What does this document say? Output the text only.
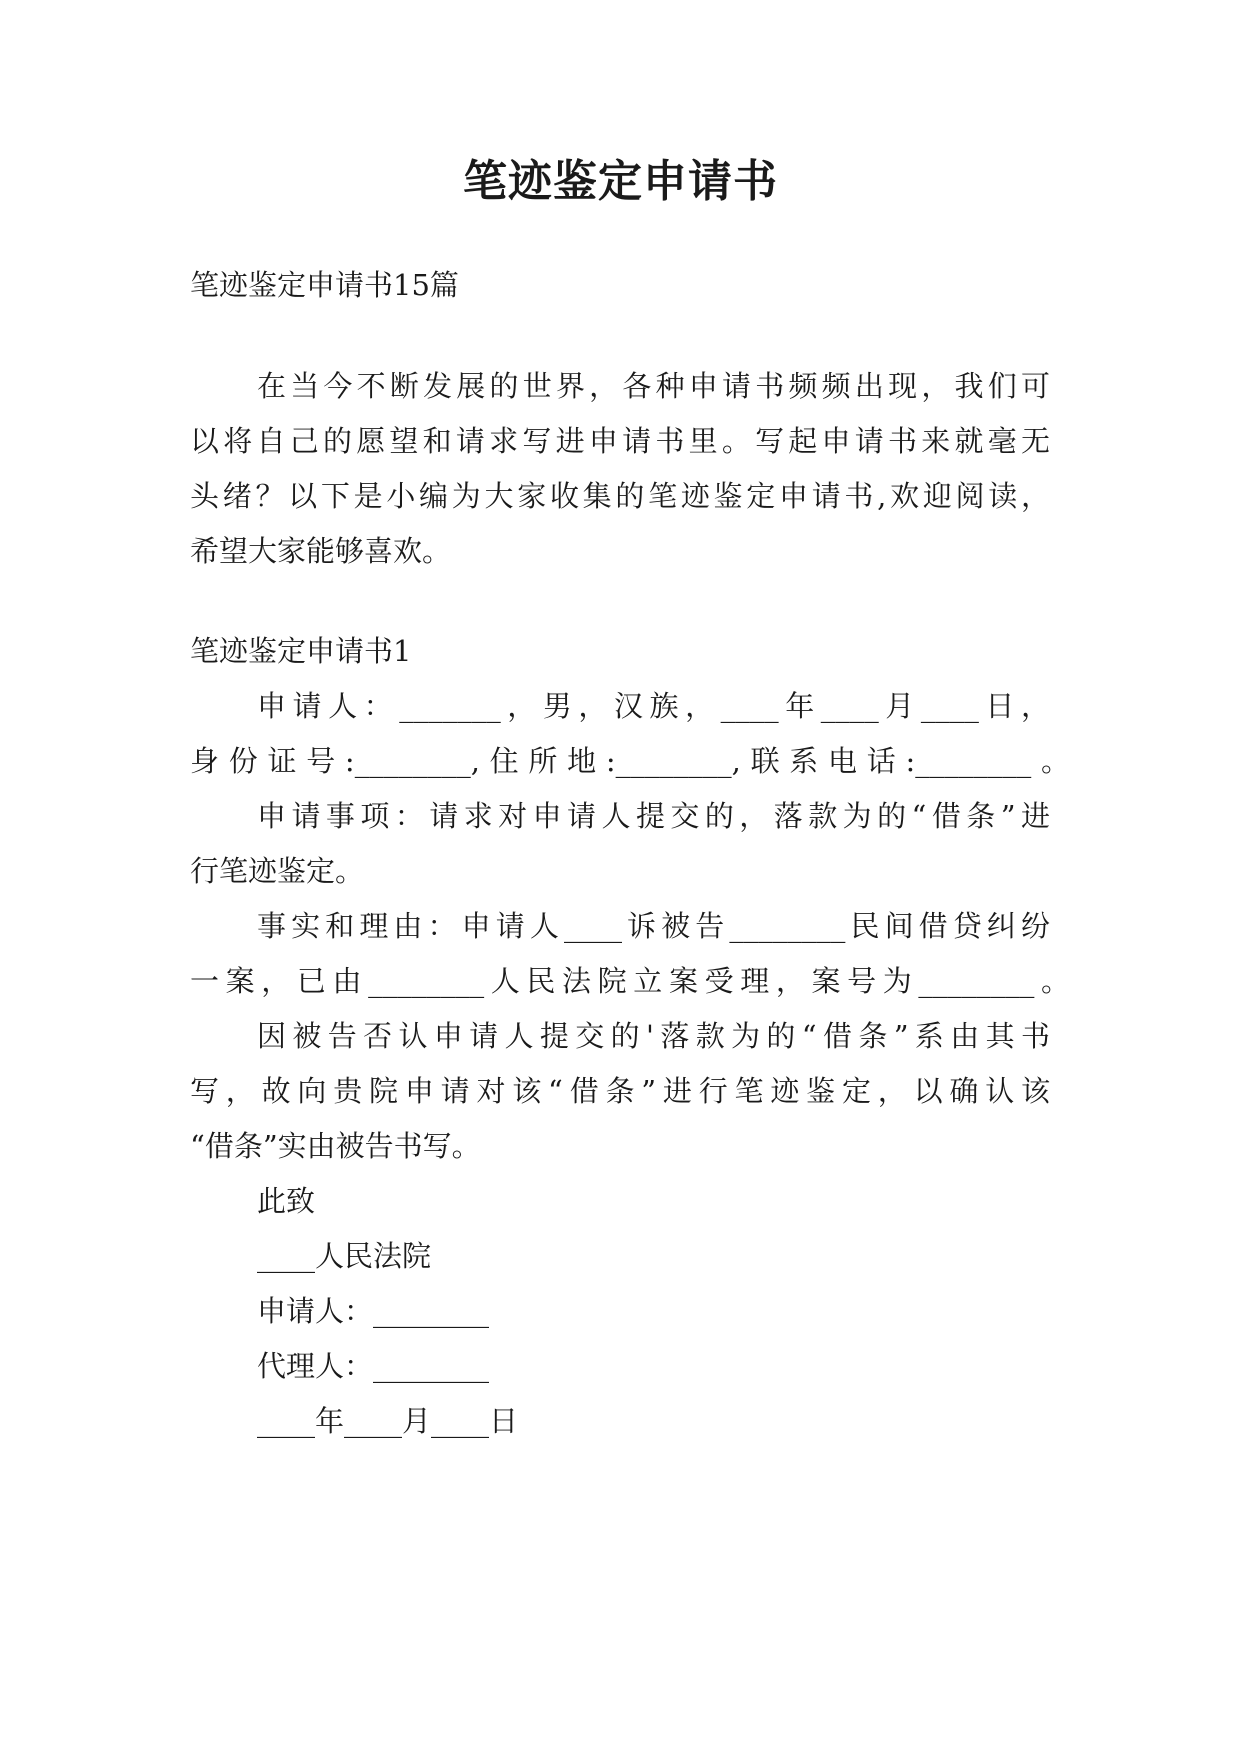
笔迹鉴定申请书

笔迹鉴定申请书15篇

在当今不断发展的世界，各种申请书频频出现，我们可

以将自己的愿望和请求写进申请书里。写起申请书来就毫无

头绪？以下是小编为大家收集的笔迹鉴定申请书,欢迎阅读，

希望大家能够喜欢。

笔迹鉴定申请书1

申请人：_______，男，汉族，____年____月____日，

身份证号:________,住所地:________,联系电话:________。

申请事项：请求对申请人提交的，落款为的“借条”进

行笔迹鉴定。

事实和理由：申请人____诉被告________民间借贷纠纷

一案，已由________人民法院立案受理，案号为________。

因被告否认申请人提交的'落款为的“借条”系由其书

写，故向贵院申请对该“借条”进行笔迹鉴定，以确认该

“借条”实由被告书写。

此致

____人民法院

申请人：________

代理人：________

____年____月____日
